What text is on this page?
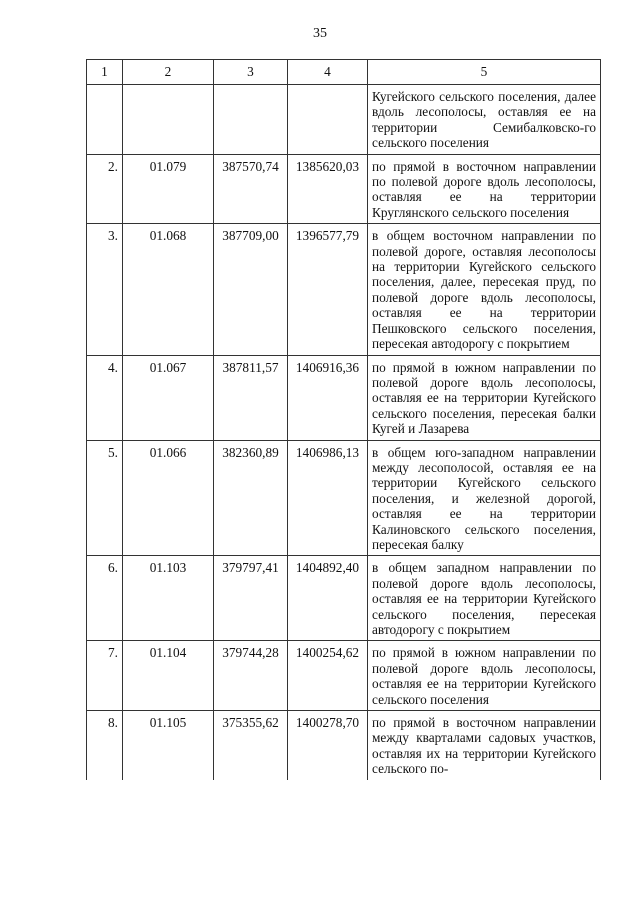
35
1	2	3	4	5
				Кугейского сельского поселения, далее вдоль лесополосы, оставляя ее на территории Семибалковско-го сельского поселения
2.	01.079	387570,74	1385620,03	по прямой в восточном направлении по полевой дороге вдоль лесополосы, оставляя ее на территории Круглянского сельского поселения
3.	01.068	387709,00	1396577,79	в общем восточном направлении по полевой дороге, оставляя лесополосы на территории Кугейского сельского поселения, далее, пересекая пруд, по полевой дороге вдоль лесополосы, оставляя ее на территории Пешковского сельского поселения, пересекая автодорогу с покрытием
4.	01.067	387811,57	1406916,36	по прямой в южном направлении по полевой дороге вдоль лесополосы, оставляя ее на территории Кугейского сельского поселения, пересекая балки Кугей и Лазарева
5.	01.066	382360,89	1406986,13	в общем юго-западном направлении между лесополосой, оставляя ее на территории Кугейского сельского поселения, и железной дорогой, оставляя ее на территории Калиновского сельского поселения, пересекая балку
6.	01.103	379797,41	1404892,40	в общем западном направлении по полевой дороге вдоль лесополосы, оставляя ее на территории Кугейского сельского поселения, пересекая автодорогу с покрытием
7.	01.104	379744,28	1400254,62	по прямой в южном направлении по полевой дороге вдоль лесополосы, оставляя ее на территории Кугейского сельского поселения
8.	01.105	375355,62	1400278,70	по прямой в восточном направлении между кварталами садовых участков, оставляя их на территории Кугейского сельского по-
